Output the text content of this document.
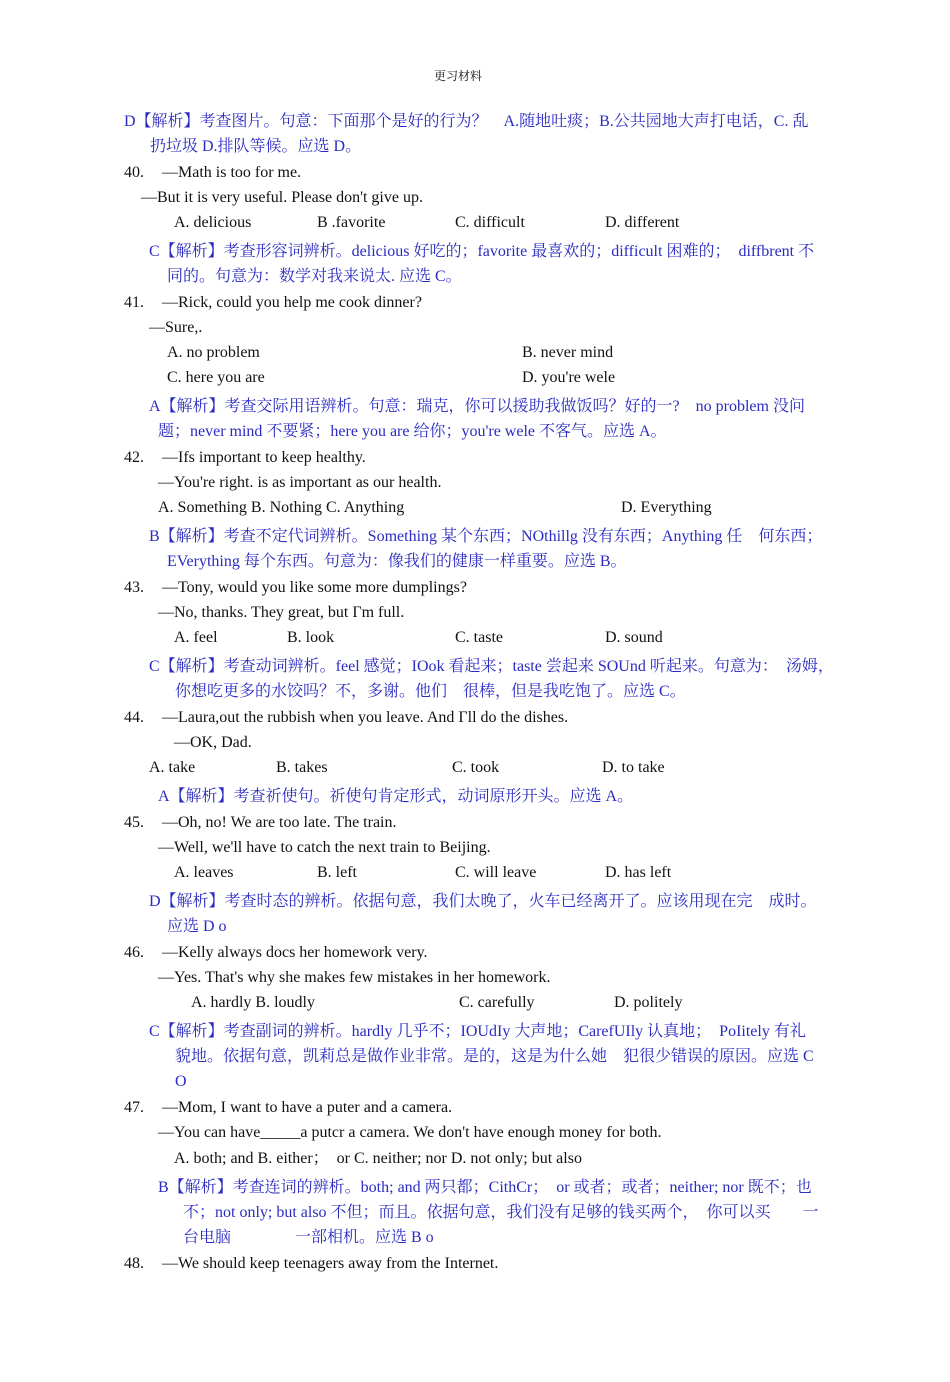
更习材料
D【解析】考查图片。句意：下面那个是好的行为？　A.随地吐痰；B.公共园地大声打电话，C. 乱
扔垃圾 D.排队等候。应选 D。
40. —Math is too for me.
—But it is very useful. Please don't give up.
A. delicious	B .favorite	C. difficult	D. different
C【解析】考查形容词辨析。delicious 好吃的；favorite 最喜欢的；difficult 困难的；　diffbrent 不
同的。句意为：数学对我来说太. 应选 C。
41. —Rick, could you help me cook dinner?
—Sure,.
A. no problem	B. never mind
C. here you are	D. you're wele
A【解析】考查交际用语辨析。句意：瑞克，你可以援助我做饭吗？好的一?　no problem 没问
题；never mind 不要紧；here you are 给你；you're wele 不客气。应选 A。
42. —Ifs important to keep healthy.
—You're right. is as important as our health.
A. Something B. Nothing C. Anything	D. Everything
B【解析】考查不定代词辨析。Something 某个东西；NOthillg 没有东西；Anything 任　何东西；
EVerything 每个东西。句意为：像我们的健康一样重要。应选 B。
43. —Tony, would you like some more dumplings?
—No, thanks. They great, but Γm full.
A. feel	B. look	C. taste	D. sound
C【解析】考查动词辨析。feel 感觉；IOok 看起来；taste 尝起来 SOUnd 听起来。句意为：　汤姆，
你想吃更多的水饺吗？不，多谢。他们　很棒，但是我吃饱了。应选 C。
44. —Laura,out the rubbish when you leave. And Γll do the dishes.
—OK, Dad.
A. take	B. takes	C. took	D. to take
A【解析】考查祈使句。祈使句肯定形式，动词原形开头。应选 A。
45. —Oh, no! We are too late. The train.
—Well, we'll have to catch the next train to Beijing.
A. leaves	B. left	C. will leave	D. has left
D【解析】考查时态的辨析。依据句意，我们太晚了，火车已经离开了。应该用现在完　成时。
应选 D o
46. —Kelly always docs her homework very.
—Yes. That's why she makes few mistakes in her homework.
A. hardly B. loudly	C. carefully	D. politely
C【解析】考查副词的辨析。hardly 几乎不；IOUdIy 大声地；CarefUIly 认真地；　PoIitely 有礼
貌地。依据句意，凯莉总是做作业非常。是的，这是为什么她　犯很少错误的原因。应选 C
O
47. —Mom, I want to have a puter and a camera.
—You can have_____a putcr a camera. We don't have enough money for both.
A. both; and B. either；　or C. neither; nor D. not only; but also
B【解析】考查连词的辨析。both; and 两只都；CithCr；　or 或者；或者；neither; nor 既不；也
不；not only; but also 不但；而且。依据句意，我们没有足够的钱买两个，　你可以买　　一
台电脑　　　　一部相机。应选 B o
48. —We should keep teenagers away from the Internet.
